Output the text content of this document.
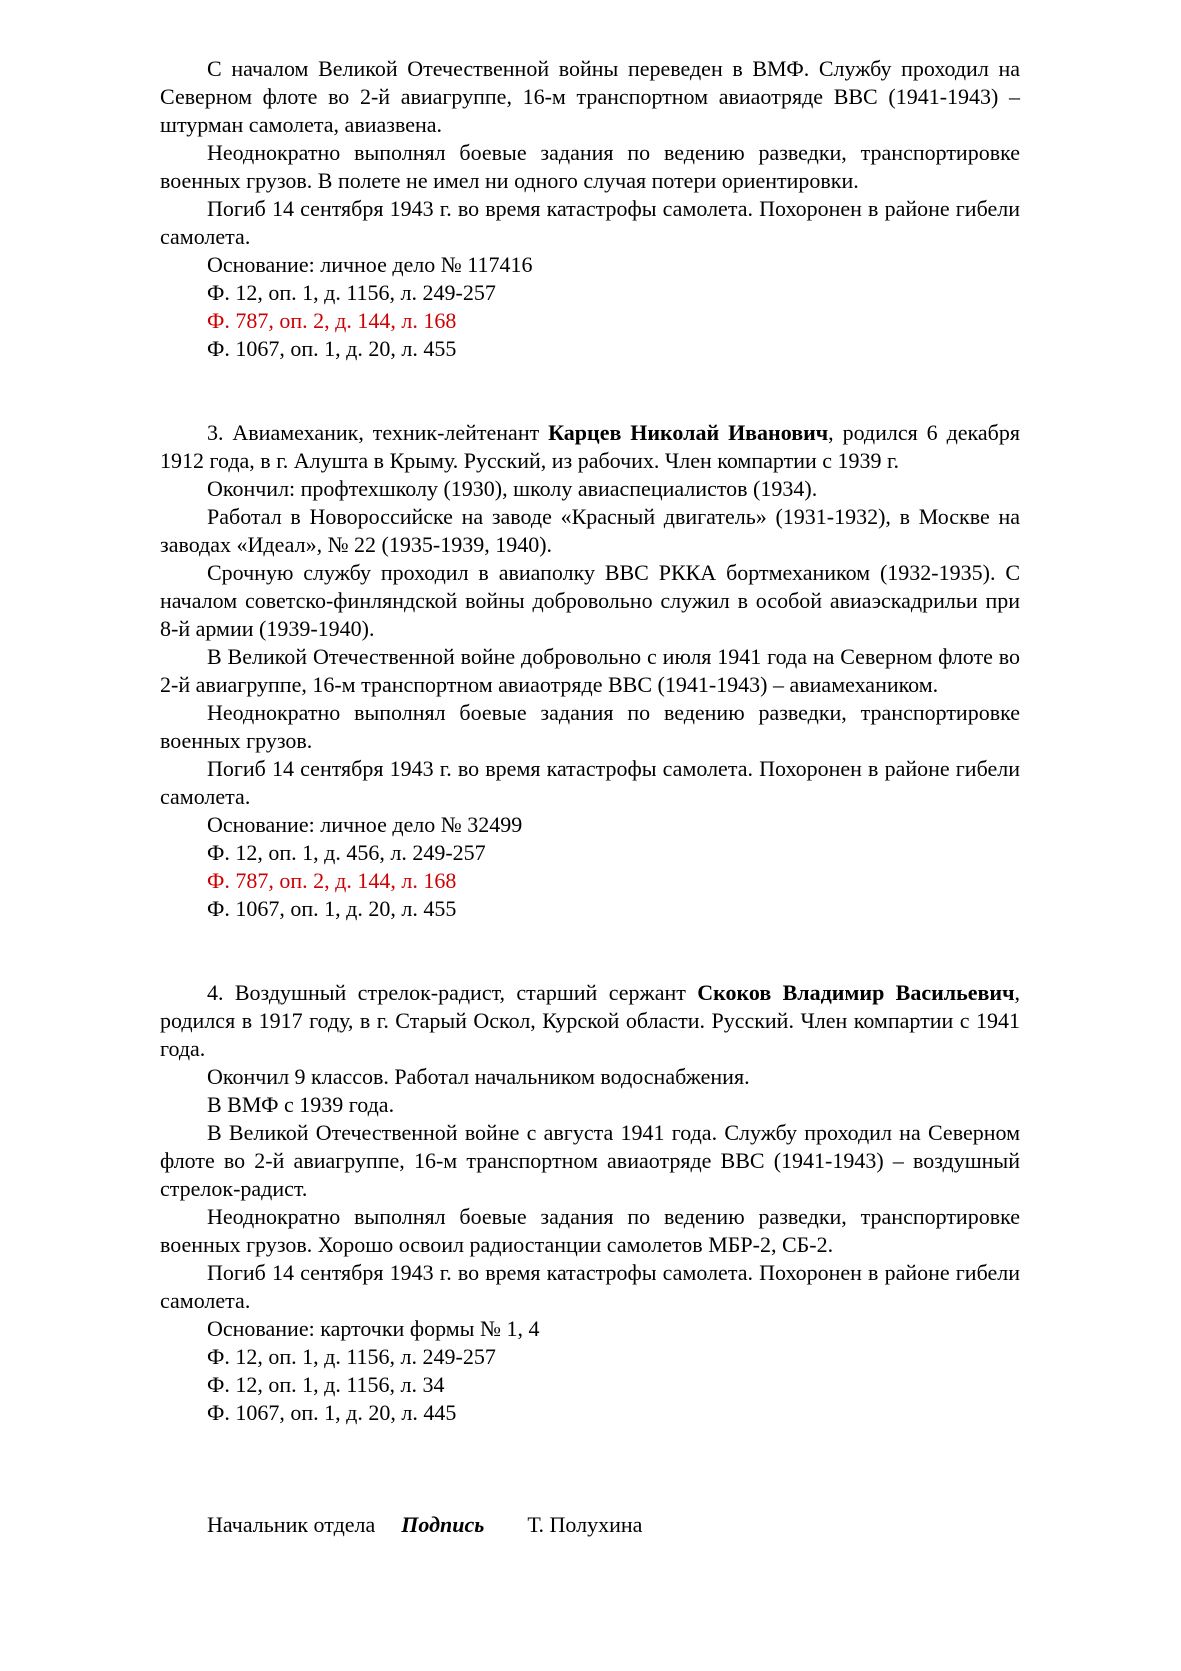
С началом Великой Отечественной войны переведен в ВМФ. Службу проходил на Северном флоте во 2-й авиагруппе, 16-м транспортном авиаотряде ВВС (1941-1943) – штурман самолета, авиазвена.

Неоднократно выполнял боевые задания по ведению разведки, транспортировке военных грузов. В полете не имел ни одного случая потери ориентировки.

Погиб 14 сентября 1943 г. во время катастрофы самолета. Похоронен в районе гибели самолета.

Основание: личное дело № 117416

Ф. 12, оп. 1, д. 1156, л. 249-257

Ф. 787, оп. 2, д. 144, л. 168

Ф. 1067, оп. 1, д. 20, л. 455

3. Авиамеханик, техник-лейтенант Карцев Николай Иванович, родился 6 декабря 1912 года, в г. Алушта в Крыму. Русский, из рабочих. Член компартии с 1939 г.

Окончил: профтехшколу (1930), школу авиаспециалистов (1934).

Работал в Новороссийске на заводе «Красный двигатель» (1931-1932), в Москве на заводах «Идеал», № 22 (1935-1939, 1940).

Срочную службу проходил в авиаполку ВВС РККА бортмехаником (1932-1935). С началом советско-финляндской войны добровольно служил в особой авиаэскадрильи при 8-й армии (1939-1940).

В Великой Отечественной войне добровольно с июля 1941 года на Северном флоте во 2-й авиагруппе, 16-м транспортном авиаотряде ВВС (1941-1943) – авиамехаником.

Неоднократно выполнял боевые задания по ведению разведки, транспортировке военных грузов.

Погиб 14 сентября 1943 г. во время катастрофы самолета. Похоронен в районе гибели самолета.

Основание: личное дело № 32499

Ф. 12, оп. 1, д. 456, л. 249-257

Ф. 787, оп. 2, д. 144, л. 168

Ф. 1067, оп. 1, д. 20, л. 455

4. Воздушный стрелок-радист, старший сержант Скоков Владимир Васильевич, родился в 1917 году, в г. Старый Оскол, Курской области. Русский. Член компартии с 1941 года.

Окончил 9 классов. Работал начальником водоснабжения.

В ВМФ с 1939 года.

В Великой Отечественной войне с августа 1941 года. Службу проходил на Северном флоте во 2-й авиагруппе, 16-м транспортном авиаотряде ВВС (1941-1943) – воздушный стрелок-радист.

Неоднократно выполнял боевые задания по ведению разведки, транспортировке военных грузов. Хорошо освоил радиостанции самолетов МБР-2, СБ-2.

Погиб 14 сентября 1943 г. во время катастрофы самолета. Похоронен в районе гибели самолета.

Основание: карточки формы № 1, 4

Ф. 12, оп. 1, д. 1156, л. 249-257

Ф. 12, оп. 1, д. 1156, л. 34

Ф. 1067, оп. 1, д. 20, л. 445

Начальник отдела Подпись Т. Полухина
